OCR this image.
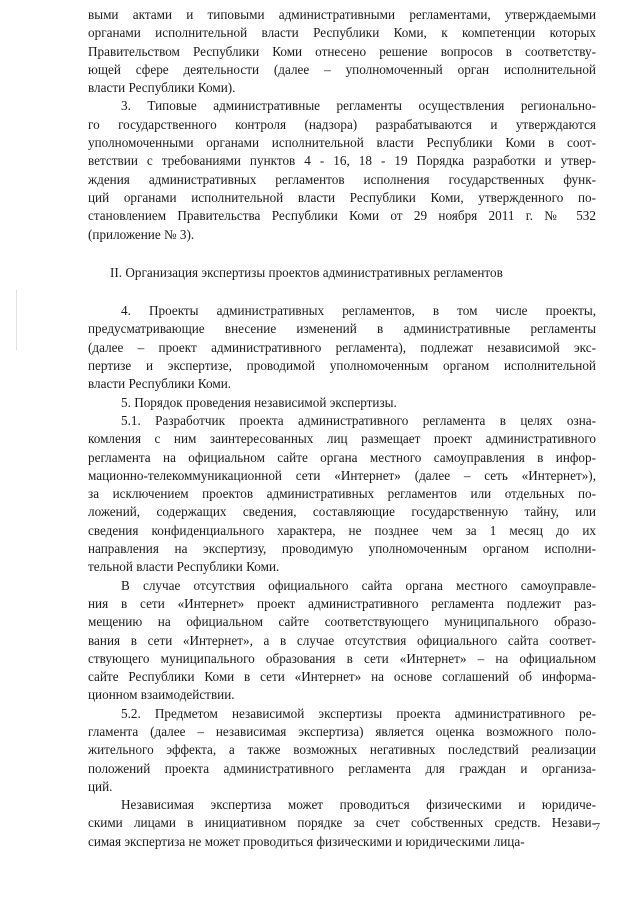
выми актами и типовыми административными регламентами, утверждаемыми
органами исполнительной власти Республики Коми, к компетенции которых
Правительством Республики Коми отнесено решение вопросов в соответству-
ющей сфере деятельности (далее – уполномоченный орган исполнительной
власти Республики Коми).
3. Типовые административные регламенты осуществления регионально-
го государственного контроля (надзора) разрабатываются и утверждаются
уполномоченными органами исполнительной власти Республики Коми в соот-
ветствии с требованиями пунктов 4 - 16, 18 - 19 Порядка разработки и утвер-
ждения административных регламентов исполнения государственных функ-
ций органами исполнительной власти Республики Коми, утвержденного по-
становлением Правительства Республики Коми от 29 ноября 2011 г. № 532
(приложение № 3).
II. Организация экспертизы проектов административных регламентов
4. Проекты административных регламентов, в том числе проекты,
предусматривающие внесение изменений в административные регламенты
(далее – проект административного регламента), подлежат независимой экс-
пертизе и экспертизе, проводимой уполномоченным органом исполнительной
власти Республики Коми.
5. Порядок проведения независимой экспертизы.
5.1. Разработчик проекта административного регламента в целях озна-
комления с ним заинтересованных лиц размещает проект административного
регламента на официальном сайте органа местного самоуправления в инфор-
мационно-телекоммуникационной сети «Интернет» (далее – сеть «Интернет»),
за исключением проектов административных регламентов или отдельных по-
ложений, содержащих сведения, составляющие государственную тайну, или
сведения конфиденциального характера, не позднее чем за 1 месяц до их
направления на экспертизу, проводимую уполномоченным органом исполни-
тельной власти Республики Коми.
В случае отсутствия официального сайта органа местного самоуправле-
ния в сети «Интернет» проект административного регламента подлежит раз-
мещению на официальном сайте соответствующего муниципального образо-
вания в сети «Интернет», а в случае отсутствия официального сайта соответ-
ствующего муниципального образования в сети «Интернет» – на официальном
сайте Республики Коми в сети «Интернет» на основе соглашений об информа-
ционном взаимодействии.
5.2. Предметом независимой экспертизы проекта административного ре-
гламента (далее – независимая экспертиза) является оценка возможного поло-
жительного эффекта, а также возможных негативных последствий реализации
положений проекта административного регламента для граждан и организа-
ций.
Независимая экспертиза может проводиться физическими и юридиче-
скими лицами в инициативном порядке за счет собственных средств. Незави-
симая экспертиза не может проводиться физическими и юридическими лица-
7
